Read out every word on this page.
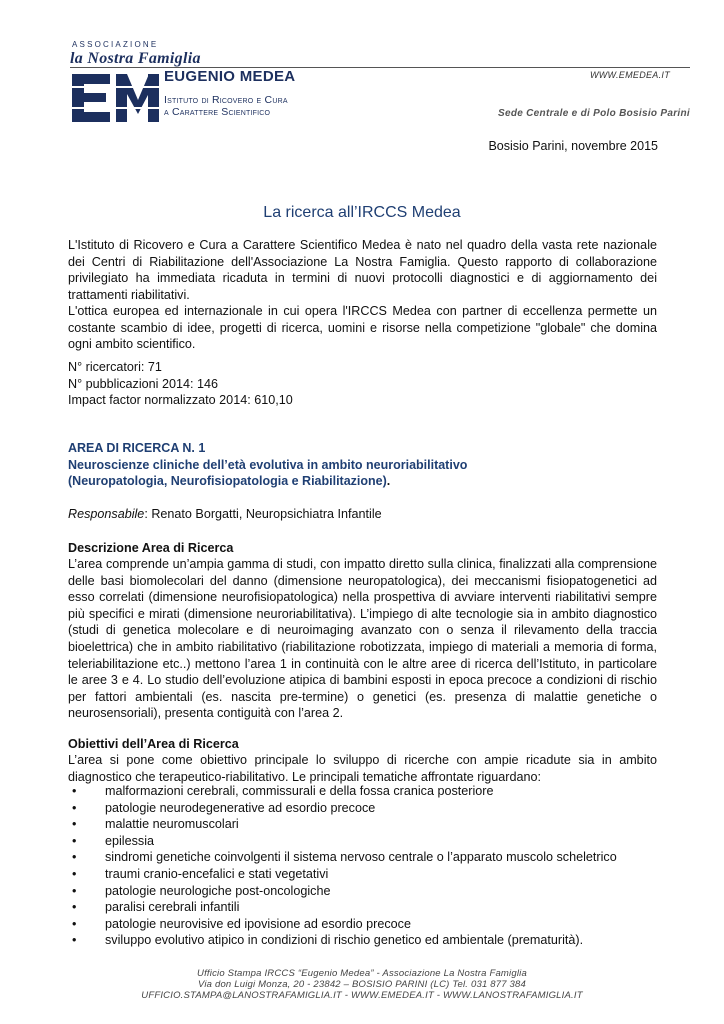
ASSOCIAZIONE
la Nostra Famiglia
EUGENIO MEDEA
Istituto di Ricovero e Cura
a Carattere Scientifico
WWW.EMEDEA.IT
Sede Centrale e di Polo Bosisio Parini
Bosisio Parini, novembre 2015
La ricerca all’IRCCS Medea
L'Istituto di Ricovero e Cura a Carattere Scientifico Medea è nato nel quadro della vasta rete nazionale dei Centri di Riabilitazione dell'Associazione La Nostra Famiglia. Questo rapporto di collaborazione privilegiato ha immediata ricaduta in termini di nuovi protocolli diagnostici e di aggiornamento dei trattamenti riabilitativi.
L'ottica europea ed internazionale in cui opera l'IRCCS Medea con partner di eccellenza permette un costante scambio di idee, progetti di ricerca, uomini e risorse nella competizione "globale" che domina ogni ambito scientifico.
N° ricercatori: 71
N° pubblicazioni 2014: 146
Impact factor normalizzato 2014: 610,10
AREA DI RICERCA N. 1
Neuroscienze cliniche dell’età evolutiva in ambito neuroriabilitativo
(Neuropatologia, Neurofisiopatologia e Riabilitazione).
Responsabile: Renato Borgatti, Neuropsichiatra Infantile
Descrizione Area di Ricerca
L’area comprende un’ampia gamma di studi, con impatto diretto sulla clinica, finalizzati alla comprensione delle basi biomolecolari del danno (dimensione neuropatologica), dei meccanismi fisiopatogenetici ad esso correlati (dimensione neurofisiopatologica) nella prospettiva di avviare interventi riabilitativi sempre più specifici e mirati (dimensione neuroriabilitativa). L’impiego di alte tecnologie sia in ambito diagnostico (studi di genetica molecolare e di neuroimaging avanzato con o senza il rilevamento della traccia bioelettrica) che in ambito riabilitativo (riabilitazione robotizzata, impiego di materiali a memoria di forma, teleriabilitazione etc..) mettono l’area 1 in continuità con le altre aree di ricerca dell’Istituto, in particolare le aree 3 e 4. Lo studio dell’evoluzione atipica di bambini esposti in epoca precoce a condizioni di rischio per fattori ambientali (es. nascita pre-termine) o genetici (es. presenza di malattie genetiche o neurosensoriali), presenta contiguità con l’area 2.
Obiettivi dell’Area di Ricerca
L’area si pone come obiettivo principale lo sviluppo di ricerche con ampie ricadute sia in ambito diagnostico che terapeutico-riabilitativo. Le principali tematiche affrontate riguardano:
• malformazioni cerebrali, commissurali e della fossa cranica posteriore
• patologie neurodegenerative ad esordio precoce
• malattie neuromuscolari
• epilessia
• sindromi genetiche coinvolgenti il sistema nervoso centrale o l’apparato muscolo scheletrico
• traumi cranio-encefalici e stati vegetativi
• patologie neurologiche post-oncologiche
• paralisi cerebrali infantili
• patologie neurovisive ed ipovisione ad esordio precoce
• sviluppo evolutivo atipico in condizioni di rischio genetico ed ambientale (prematurità).
Ufficio Stampa IRCCS “Eugenio Medea” - Associazione La Nostra Famiglia
Via don Luigi Monza, 20 - 23842 – BOSISIO PARINI (LC) Tel. 031 877 384
UFFICIO.STAMPA@LANOSTRAFAMIGLIA.IT - WWW.EMEDEA.IT - WWW.LANOSTRAFAMIGLIA.IT
